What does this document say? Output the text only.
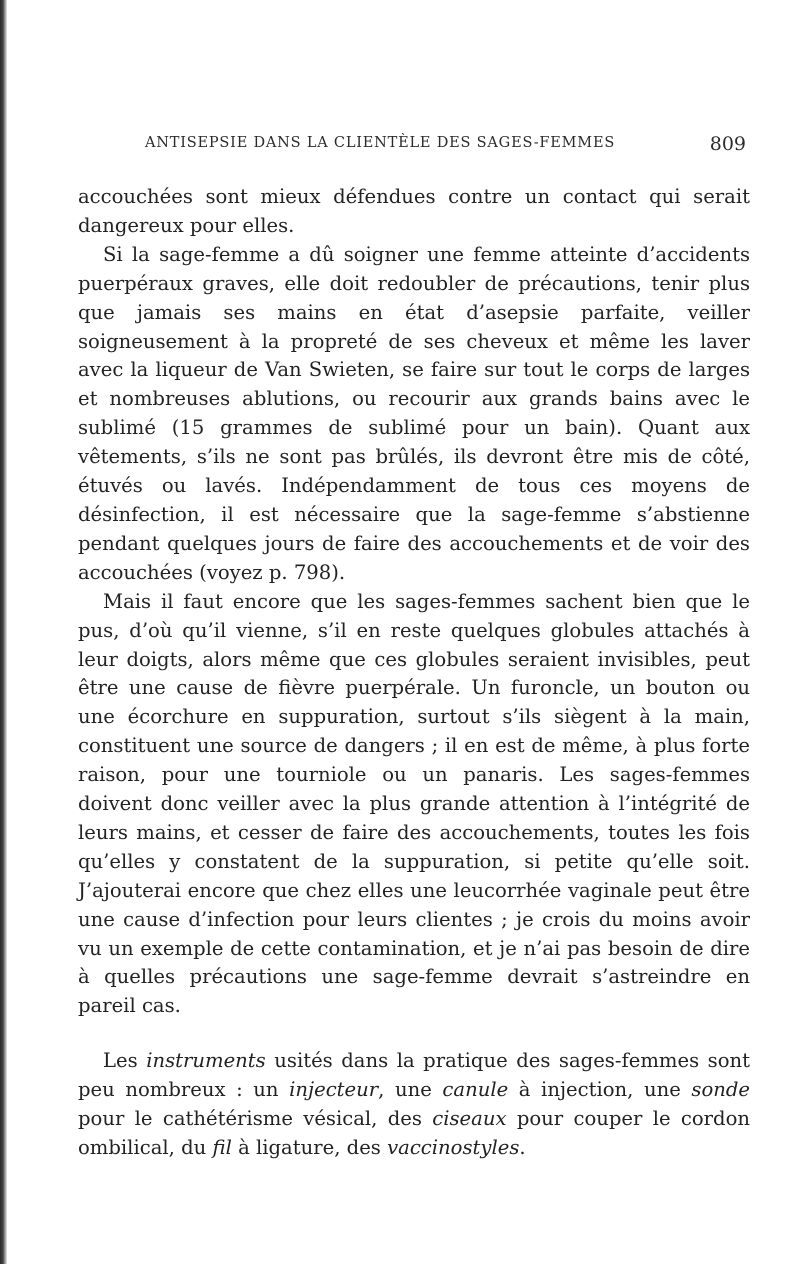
ANTISEPSIE DANS LA CLIENTÈLE DES SAGES-FEMMES	809

accouchées sont mieux défendues contre un contact qui serait dangereux pour elles.

Si la sage-femme a dû soigner une femme atteinte d’accidents puerpéraux graves, elle doit redoubler de précautions, tenir plus que jamais ses mains en état d’asepsie parfaite, veiller soigneusement à la propreté de ses cheveux et même les laver avec la liqueur de Van Swieten, se faire sur tout le corps de larges et nombreuses ablutions, ou recourir aux grands bains avec le sublimé (15 grammes de sublimé pour un bain). Quant aux vêtements, s’ils ne sont pas brûlés, ils devront être mis de côté, étuvés ou lavés. Indépendamment de tous ces moyens de désinfection, il est nécessaire que la sage-femme s’abstienne pendant quelques jours de faire des accouchements et de voir des accouchées (voyez p. 798).

Mais il faut encore que les sages-femmes sachent bien que le pus, d’où qu’il vienne, s’il en reste quelques globules attachés à leur doigts, alors même que ces globules seraient invisibles, peut être une cause de fièvre puerpérale. Un furoncle, un bouton ou une écorchure en suppuration, surtout s’ils siègent à la main, constituent une source de dangers ; il en est de même, à plus forte raison, pour une tourniole ou un panaris. Les sages-femmes doivent donc veiller avec la plus grande attention à l’intégrité de leurs mains, et cesser de faire des accouchements, toutes les fois qu’elles y constatent de la suppuration, si petite qu’elle soit. J’ajouterai encore que chez elles une leucorrhée vaginale peut être une cause d’infection pour leurs clientes ; je crois du moins avoir vu un exemple de cette contamination, et je n’ai pas besoin de dire à quelles précautions une sage-femme devrait s’astreindre en pareil cas.

Les instruments usités dans la pratique des sages-femmes sont peu nombreux : un injecteur, une canule à injection, une sonde pour le cathétérisme vésical, des ciseaux pour couper le cordon ombilical, du fil à ligature, des vaccinostyles.
